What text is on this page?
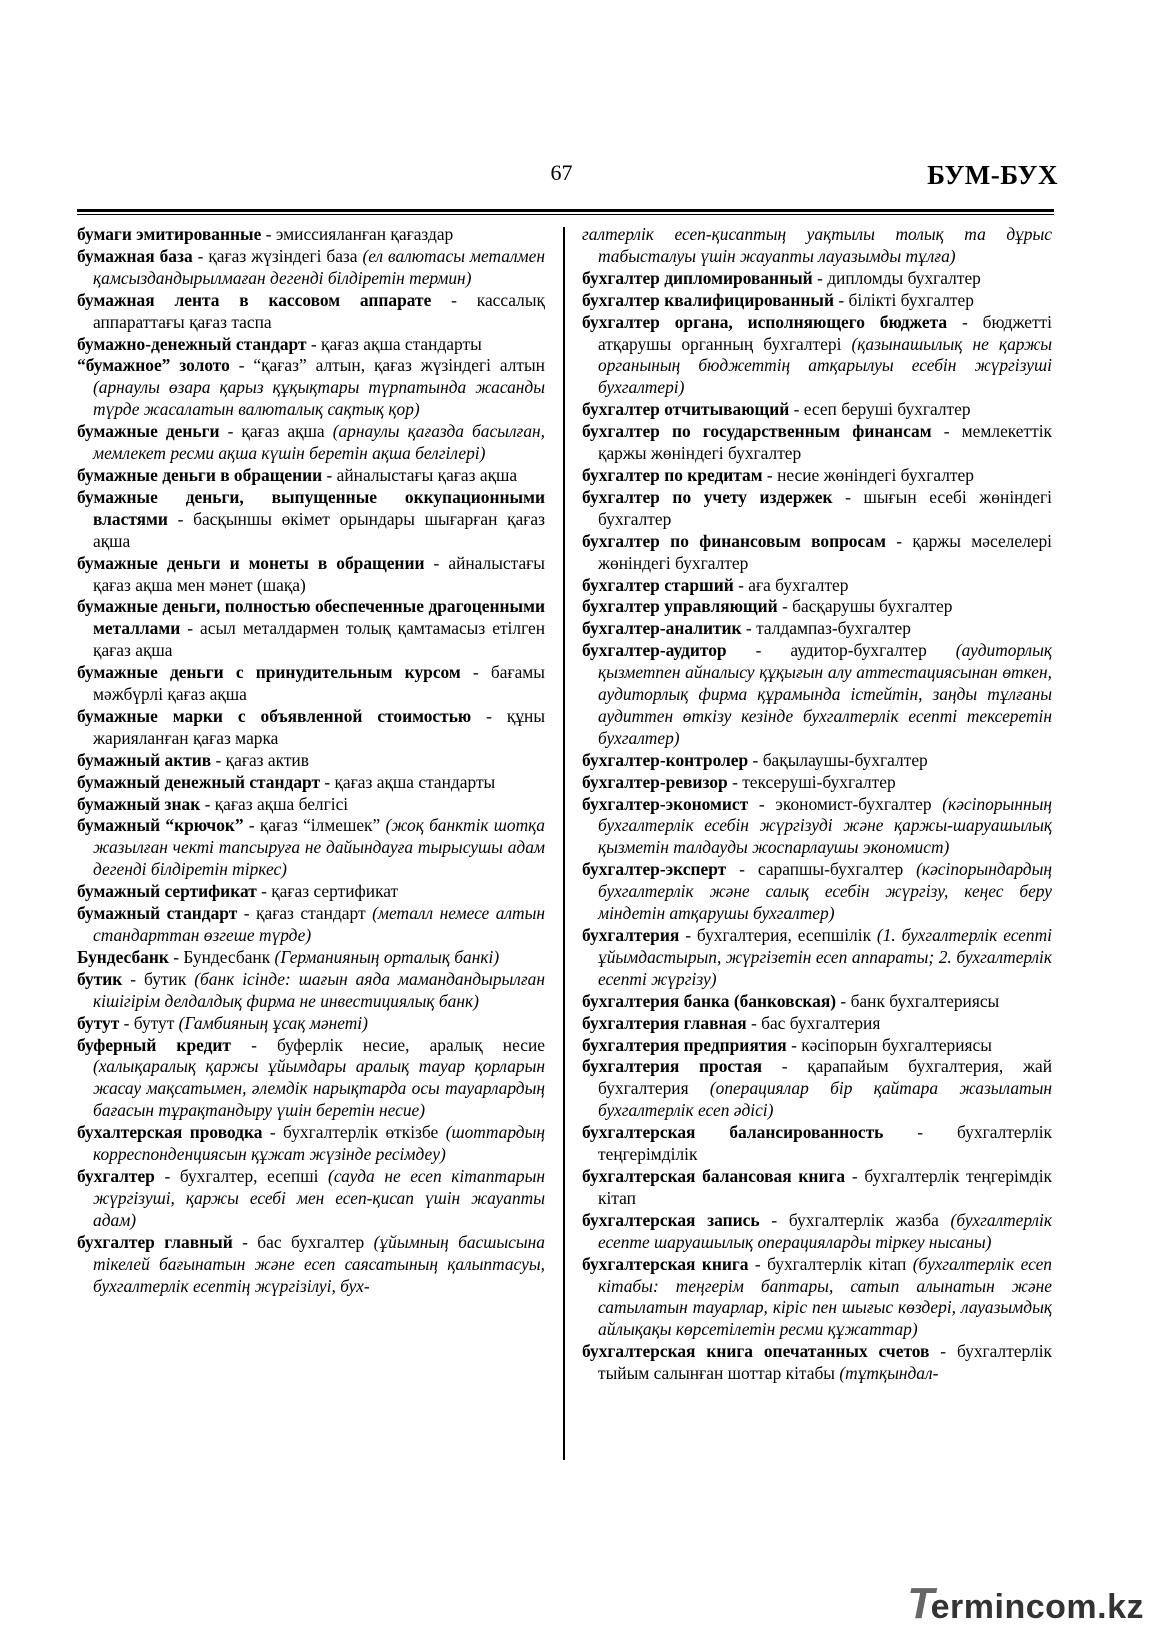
67	БУМ-БУХ
бумаги эмитированные - эмиссияланған қағаздар
бумажная база - қағаз жүзіндегі база (ел валютасы металмен қамсыздандырылмаған дегенді білдіретін термин)
бумажная лента в кассовом аппарате - кассалық аппараттағы қағаз таспа
бумажно-денежный стандарт - қағаз ақша стандарты
“бумажное” золото - “қағаз” алтын, қағаз жүзіндегі алтын (арнаулы өзара қарыз құқықтары түрпатында жасанды түрде жасалатын валюталық сақтық қор)
бумажные деньги - қағаз ақша (арнаулы қағазда басылған, мемлекет ресми ақша күшін беретін ақша белгілері)
бумажные деньги в обращении - айналыстағы қағаз ақша
бумажные деньги, выпущенные оккупационными властями - басқыншы өкімет орындары шығарған қағаз ақша
бумажные деньги и монеты в обращении - айналыстағы қағаз ақша мен мәнет (шақа)
бумажные деньги, полностью обеспеченные драгоценными металлами - асыл металдармен толық қамтамасыз етілген қағаз ақша
бумажные деньги с принудительным курсом - бағамы мәжбүрлі қағаз ақша
бумажные марки с объявленной стоимостью - құны жарияланған қағаз марка
бумажный актив - қағаз актив
бумажный денежный стандарт - қағаз ақша стандарты
бумажный знак - қағаз ақша белгісі
бумажный “крючок” - қағаз “ілмешек” (жоқ банктік шотқа жазылған чекті тапсыруға не дайындауға тырысушы адам дегенді білдіретін тіркес)
бумажный сертификат - қағаз сертификат
бумажный стандарт - қағаз стандарт (металл немесе алтын стандарттан өзгеше түрде)
Бундесбанк - Бундесбанк (Германияның орталық банкі)
бутик - бутик (банк ісінде: шағын аяда мамандандырылған кішігірім делдалдық фирма не инвестициялық банк)
бутут - бутут (Гамбияның ұсақ мәнеті)
буферный кредит - буферлік несие, аралық несие (халықаралық қаржы ұйымдары аралық тауар қорларын жасау мақсатымен, әлемдік нарықтарда осы тауарлардың бағасын тұрақтандыру үшін беретін несие)
бухалтерская проводка - бухгалтерлік өткізбе (шоттардың корреспонденциясын құжат жүзінде ресімдеу)
бухгалтер - бухгалтер, есепші (сауда не есеп кітаптарын жүргізуші, қаржы есебі мен есеп-қисап үшін жауапты адам)
бухгалтер главный - бас бухгалтер (ұйымның басшысына тікелей бағынатын және есеп саясатының қалыптасуы, бухгалтерлік есептің жүргізілуі, бух-
галтерлік есеп-қисаптың уақтылы толық та дұрыс табысталуы үшін жауапты лауазымды тұлға)
бухгалтер дипломированный - дипломды бухгалтер
бухгалтер квалифицированный - білікті бухгалтер
бухгалтер органа, исполняющего бюджета - бюджетті атқарушы органның бухгалтері (қазынашылық не қаржы органының бюджеттің атқарылуы есебін жүргізуші бухгалтері)
бухгалтер отчитывающий - есеп беруші бухгалтер
бухгалтер по государственным финансам - мемлекеттік қаржы жөніндегі бухгалтер
бухгалтер по кредитам - несие жөніндегі бухгалтер
бухгалтер по учету издержек - шығын есебі жөніндегі бухгалтер
бухгалтер по финансовым вопросам - қаржы мәселелері жөніндегі бухгалтер
бухгалтер старший - аға бухгалтер
бухгалтер управляющий - басқарушы бухгалтер
бухгалтер-аналитик - талдампаз-бухгалтер
бухгалтер-аудитор - аудитор-бухгалтер (аудиторлық қызметпен айналысу құқығын алу аттестациясынан өткен, аудиторлық фирма құрамында істейтін, заңды тұлғаны аудиттен өткізу кезінде бухгалтерлік есепті тексеретін бухгалтер)
бухгалтер-контролер - бақылаушы-бухгалтер
бухгалтер-ревизор - тексеруші-бухгалтер
бухгалтер-экономист - экономист-бухгалтер (кәсіпорынның бухгалтерлік есебін жүргізуді және қаржы-шаруашылық қызметін талдауды жоспарлаушы экономист)
бухгалтер-эксперт - сарапшы-бухгалтер (кәсіпорындардың бухгалтерлік және салық есебін жүргізу, кеңес беру міндетін атқарушы бухгалтер)
бухгалтерия - бухгалтерия, есепшілік (1. бухгалтерлік есепті ұйымдастырып, жүргізетін есеп аппараты; 2. бухгалтерлік есепті жүргізу)
бухгалтерия банка (банковская) - банк бухгалтериясы
бухгалтерия главная - бас бухгалтерия
бухгалтерия предприятия - кәсіпорын бухгалтериясы
бухгалтерия простая - қарапайым бухгалтерия, жай бухгалтерия (операциялар бір қайтара жазылатын бухгалтерлік есеп әдісі)
бухгалтерская балансированность - бухгалтерлік теңгерімділік
бухгалтерская балансовая книга - бухгалтерлік теңгерімдік кітап
бухгалтерская запись - бухгалтерлік жазба (бухгалтерлік есепте шаруашылық операцияларды тіркеу нысаны)
бухгалтерская книга - бухгалтерлік кітап (бухгалтерлік есеп кітабы: теңгерім баптары, сатып алынатын және сатылатын тауарлар, кіріс пен шығыс көздері, лауазымдық айлықақы көрсетілетін ресми құжаттар)
бухгалтерская книга опечатанных счетов - бухгалтерлік тыйым салынған шоттар кітабы (тұтқындал-
Termincom.kz
